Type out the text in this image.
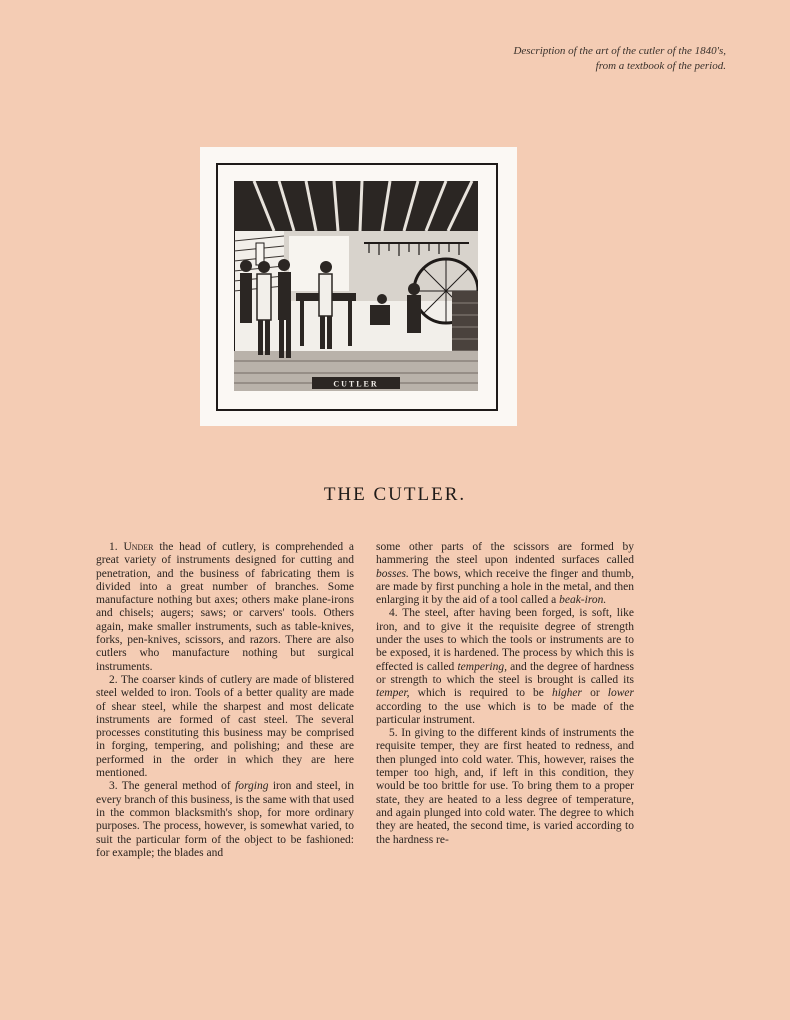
Description of the art of the cutler of the 1840's, from a textbook of the period.
CUTLER
THE CUTLER.

1. Under the head of cutlery, is comprehended a great variety of instruments designed for cutting and penetration, and the business of fabricating them is divided into a great number of branches. Some manufacture nothing but axes; others make plane-irons and chisels; augers; saws; or carvers' tools. Others again, make smaller instruments, such as table-knives, forks, pen-knives, scissors, and razors. There are also cutlers who manufacture nothing but surgical instruments.

2. The coarser kinds of cutlery are made of blistered steel welded to iron. Tools of a better quality are made of shear steel, while the sharpest and most delicate instruments are formed of cast steel. The several processes constituting this business may be comprised in forging, tempering, and polishing; and these are performed in the order in which they are here mentioned.

3. The general method of forging iron and steel, in every branch of this business, is the same with that used in the common blacksmith's shop, for more ordinary purposes. The process, however, is somewhat varied, to suit the particular form of the object to be fashioned: for example; the blades and

some other parts of the scissors are formed by hammering the steel upon indented surfaces called bosses. The bows, which receive the finger and thumb, are made by first punching a hole in the metal, and then enlarging it by the aid of a tool called a beak-iron.

4. The steel, after having been forged, is soft, like iron, and to give it the requisite degree of strength under the uses to which the tools or instruments are to be exposed, it is hardened. The process by which this is effected is called tempering, and the degree of hardness or strength to which the steel is brought is called its temper, which is required to be higher or lower according to the use which is to be made of the particular instrument.

5. In giving to the different kinds of instruments the requisite temper, they are first heated to redness, and then plunged into cold water. This, however, raises the temper too high, and, if left in this condition, they would be too brittle for use. To bring them to a proper state, they are heated to a less degree of temperature, and again plunged into cold water. The degree to which they are heated, the second time, is varied according to the hardness re-
